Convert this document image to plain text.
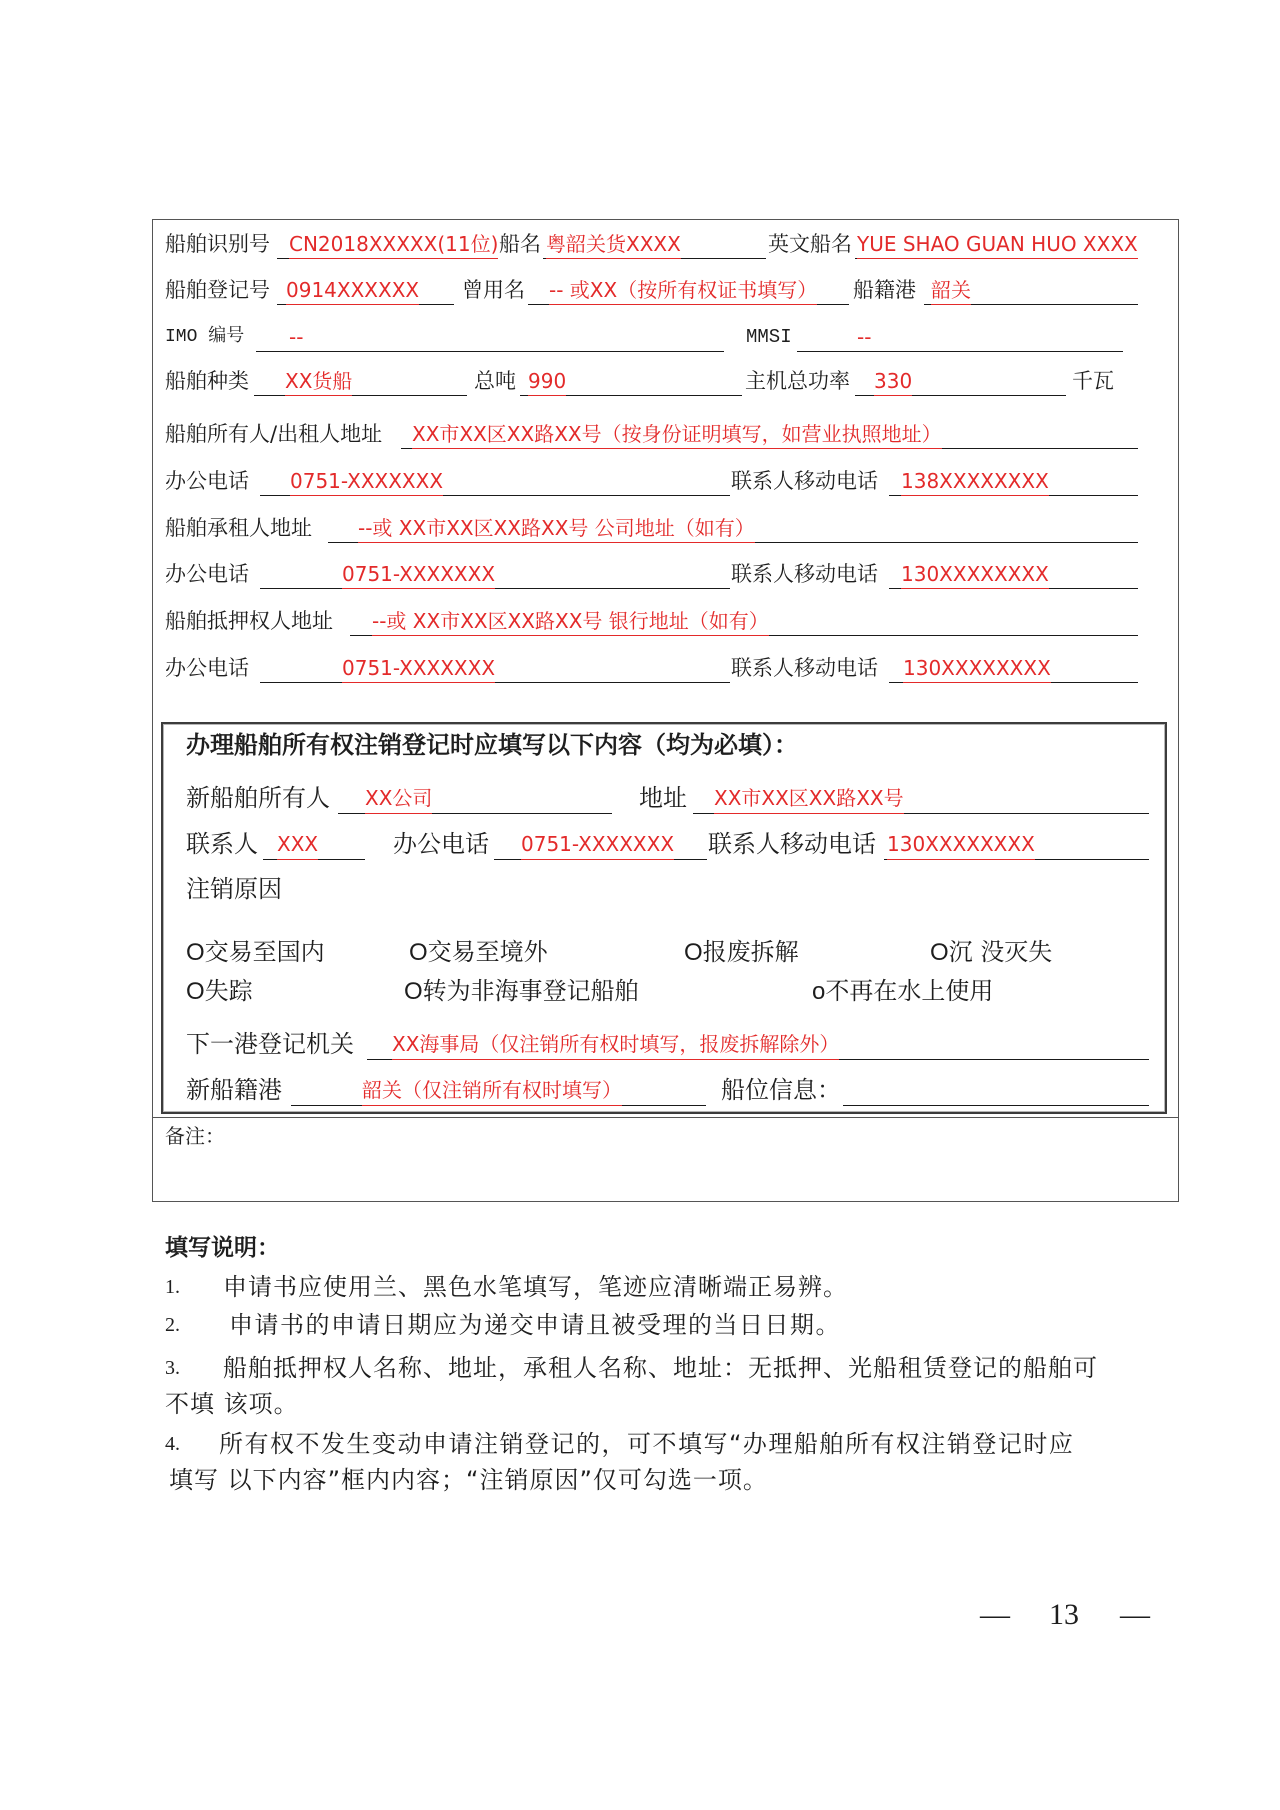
船舶识别号 CN2018XXXXX(11位) 船名 粤韶关货XXXX	英文船名 YUE SHAO GUAN HUO XXXX
船舶登记号 0914XXXXXX 曾用名 -- 或XX（按所有权证书填写） 船籍港 韶关
IMO 编号 --	MMSI	--
船舶种类 XX货船	总吨 990	主机总功率 330	千瓦
船舶所有人/出租人地址 XX市XX区XX路XX号（按身份证明填写，如营业执照地址）
办公电话 0751-XXXXXXX	联系人移动电话 138XXXXXXXX
船舶承租人地址 --或 XX市XX区XX路XX号 公司地址（如有）
办公电话	0751-XXXXXXX	联系人移动电话 130XXXXXXXX
船舶抵押权人地址 --或 XX市XX区XX路XX号 银行地址（如有）
办公电话	0751-XXXXXXX	联系人移动电话 130XXXXXXXX
办理船舶所有权注销登记时应填写以下内容（均为必填）：
新船舶所有人 XX公司	地址 XX市XX区XX路XX号
联系人 XXX	办公电话 0751-XXXXXXX 联系人移动电话 130XXXXXXXX
注销原因
O交易至国内	O交易至境外	O报废拆解	O沉 没灭失
O失踪	O转为非海事登记船舶	o不再在水上使用
下一港登记机关 XX海事局（仅注销所有权时填写，报废拆解除外）
新船籍港	韶关（仅注销所有权时填写）	船位信息：
备注：
填写说明：
1. 申请书应使用兰、黑色水笔填写，笔迹应清晰端正易辨。
2. 申请书的申请日期应为递交申请且被受理的当日日期。
3. 船舶抵押权人名称、地址，承租人名称、地址：无抵押、光船租赁登记的船舶可
不填 该项。
4. 所有权不发生变动申请注销登记的，可不填写“办理船舶所有权注销登记时应
填写 以下内容”框内内容；“注销原因”仅可勾选一项。
— 13 —
